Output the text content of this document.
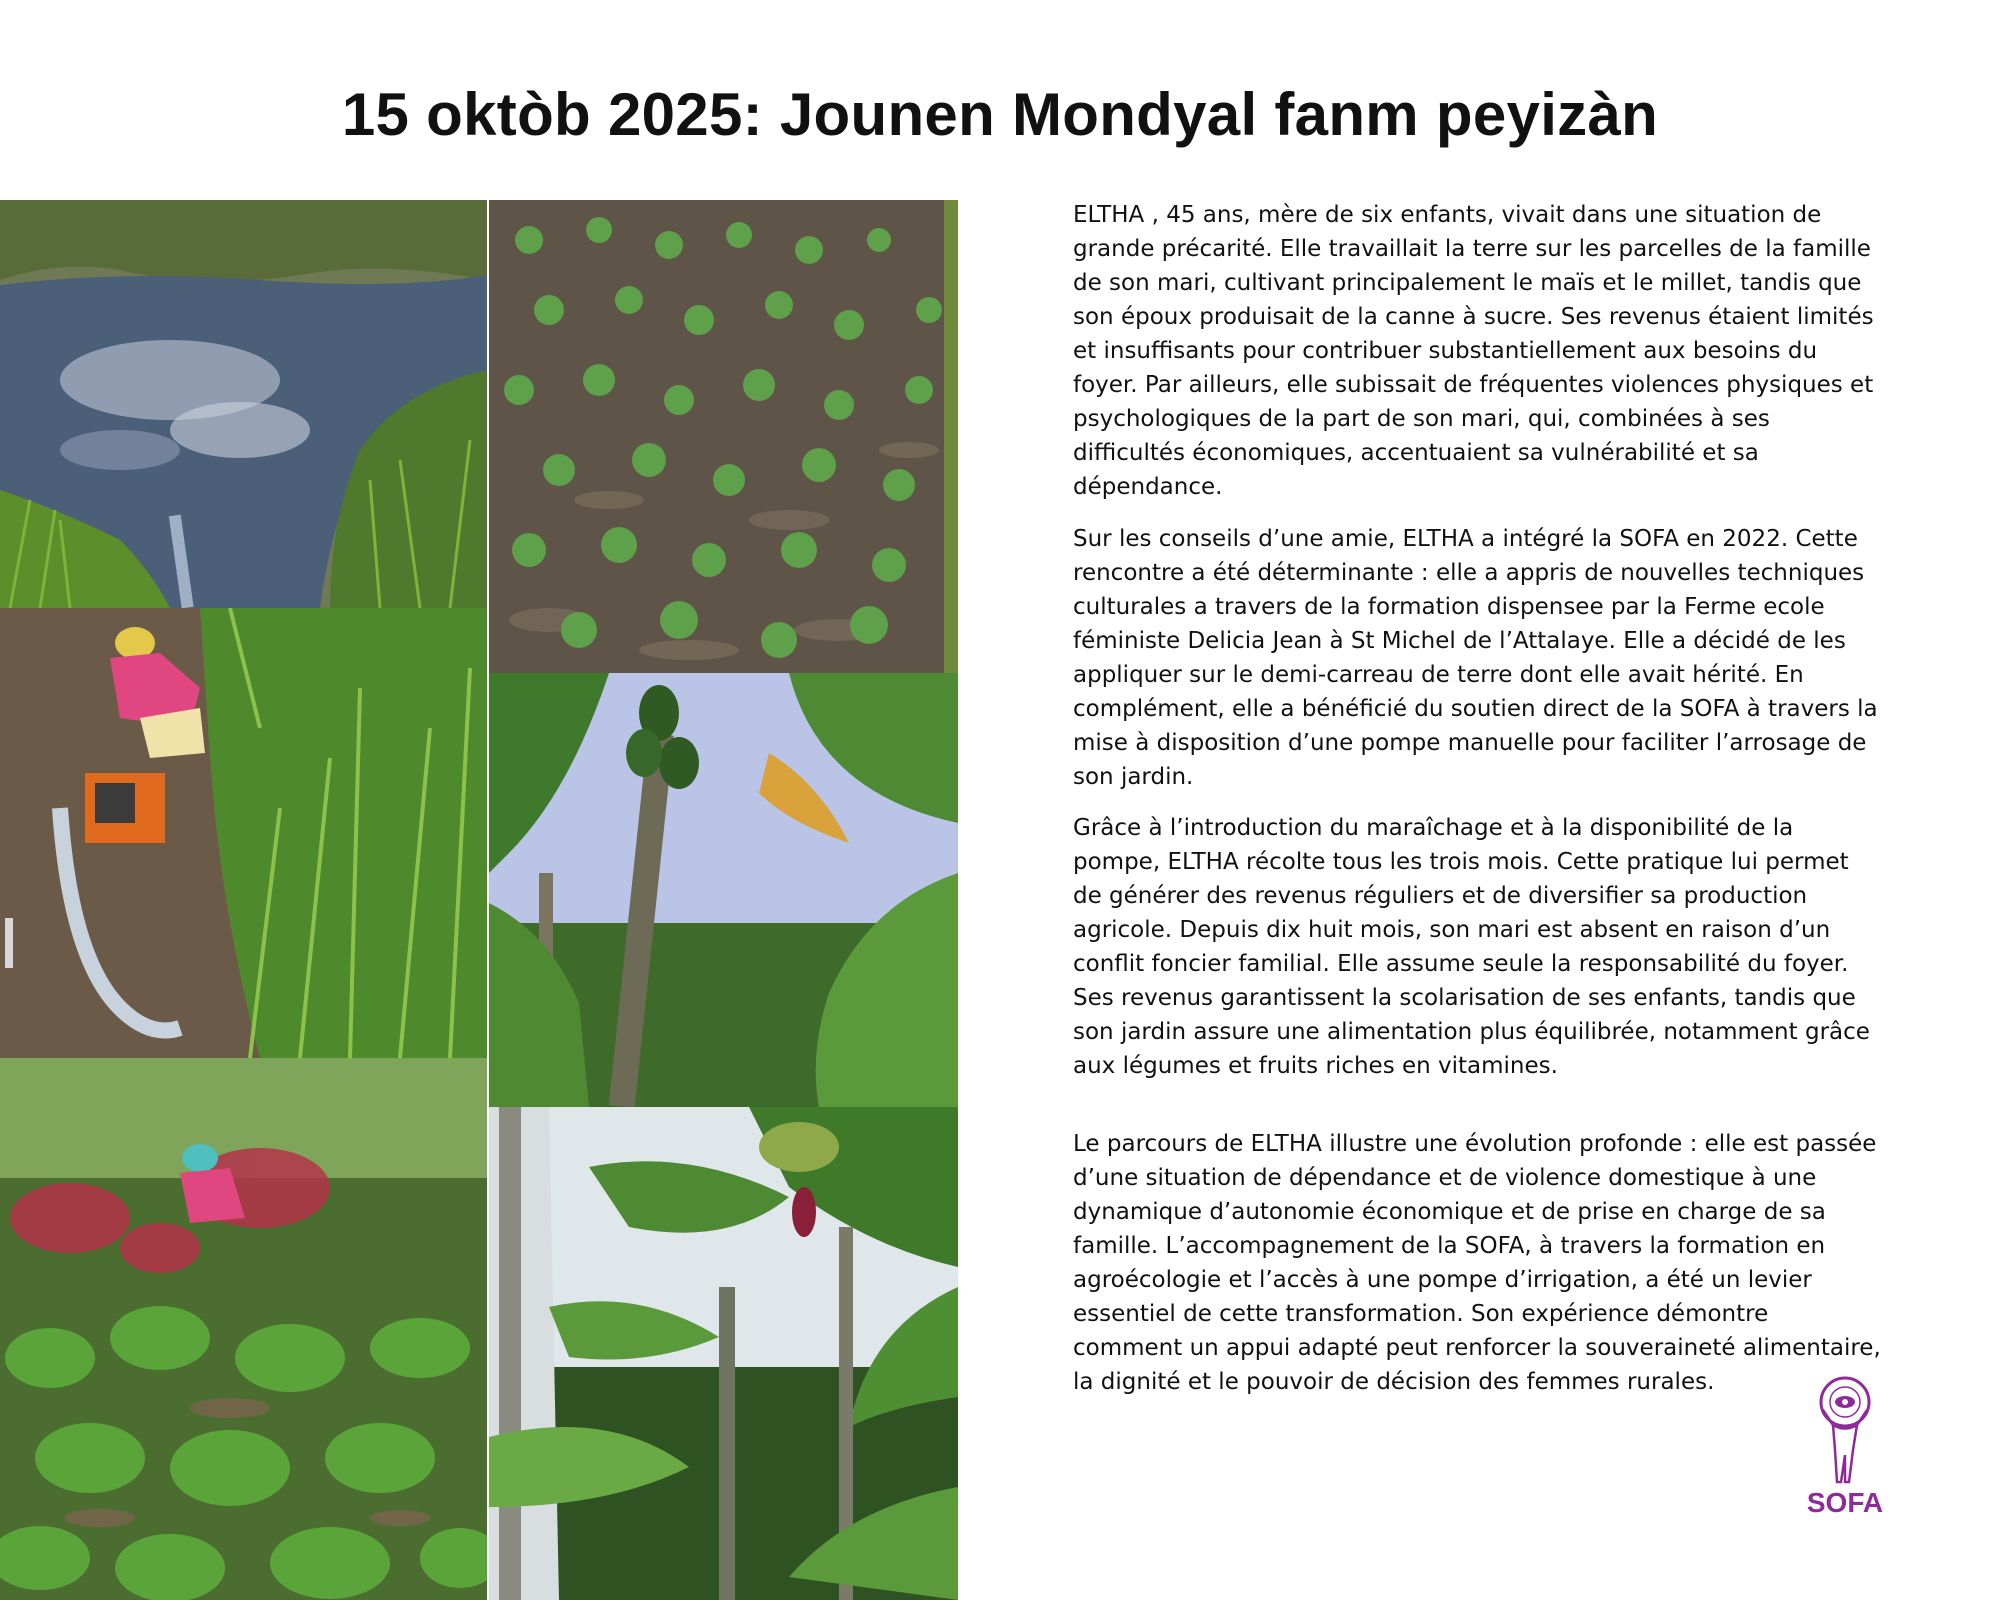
15 oktòb 2025: Jounen Mondyal fanm peyizàn

ELTHA , 45 ans, mère de six enfants, vivait dans une situation de grande précarité. Elle travaillait la terre sur les parcelles de la famille de son mari, cultivant principalement le maïs et le millet, tandis que son époux produisait de la canne à sucre. Ses revenus étaient limités et insuffisants pour contribuer substantiellement aux besoins du foyer. Par ailleurs, elle subissait de fréquentes violences physiques et psychologiques de la part de son mari, qui, combinées à ses difficultés économiques, accentuaient sa vulnérabilité et sa dépendance.

Sur les conseils d’une amie, ELTHA a intégré la SOFA en 2022. Cette rencontre a été déterminante : elle a appris de nouvelles techniques culturales a travers de la formation dispensee par la Ferme ecole féministe Delicia Jean à St Michel de l’Attalaye. Elle a décidé de les appliquer sur le demi-carreau de terre dont elle avait hérité. En complément, elle a bénéficié du soutien direct de la SOFA à travers la mise à disposition d’une pompe manuelle pour faciliter l’arrosage de son jardin.

Grâce à l’introduction du maraîchage et à la disponibilité de la pompe, ELTHA récolte tous les trois mois. Cette pratique lui permet de générer des revenus réguliers et de diversifier sa production agricole. Depuis dix huit mois, son mari est absent en raison d’un conflit foncier familial. Elle assume seule la responsabilité du foyer. Ses revenus garantissent la scolarisation de ses enfants, tandis que son jardin assure une alimentation plus équilibrée, notamment grâce aux légumes et fruits riches en vitamines.

Le parcours de ELTHA illustre une évolution profonde : elle est passée d’une situation de dépendance et de violence domestique à une dynamique d’autonomie économique et de prise en charge de sa famille. L’accompagnement de la SOFA, à travers la formation en agroécologie et l’accès à une pompe d’irrigation, a été un levier essentiel de cette transformation. Son expérience démontre comment un appui adapté peut renforcer la souveraineté alimentaire, la dignité et le pouvoir de décision des femmes rurales.

SOFA
